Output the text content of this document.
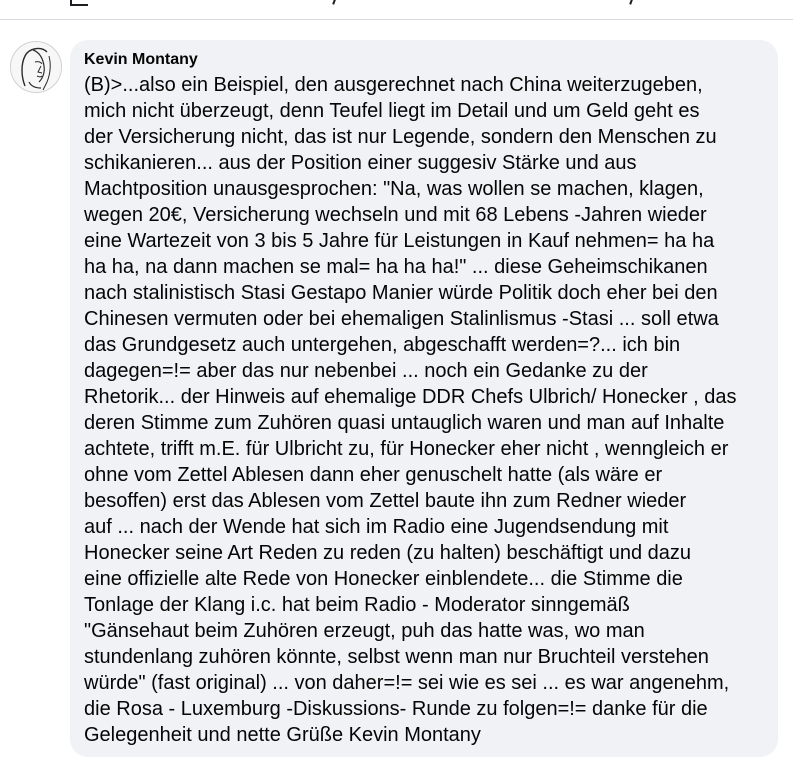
Kevin Montany

(B)>...also ein Beispiel, den ausgerechnet nach China weiterzugeben,
mich nicht überzeugt, denn Teufel liegt im Detail und um Geld geht es
der Versicherung nicht, das ist nur Legende, sondern den Menschen zu
schikanieren... aus der Position einer suggesiv Stärke und aus
Machtposition unausgesprochen: "Na, was wollen se machen, klagen,
wegen 20€, Versicherung wechseln und mit 68 Lebens -Jahren wieder
eine Wartezeit von 3 bis 5 Jahre für Leistungen in Kauf nehmen= ha ha
ha ha, na dann machen se mal= ha ha ha!" ... diese Geheimschikanen
nach stalinistisch Stasi Gestapo Manier würde Politik doch eher bei den
Chinesen vermuten oder bei ehemaligen Stalinlismus -Stasi ... soll etwa
das Grundgesetz auch untergehen, abgeschafft werden=?... ich bin
dagegen=!= aber das nur nebenbei ... noch ein Gedanke zu der
Rhetorik... der Hinweis auf ehemalige DDR Chefs Ulbrich/ Honecker , das
deren Stimme zum Zuhören quasi untauglich waren und man auf Inhalte
achtete, trifft m.E. für Ulbricht zu, für Honecker eher nicht , wenngleich er
ohne vom Zettel Ablesen dann eher genuschelt hatte (als wäre er
besoffen) erst das Ablesen vom Zettel baute ihn zum Redner wieder
auf ... nach der Wende hat sich im Radio eine Jugendsendung mit
Honecker seine Art Reden zu reden (zu halten) beschäftigt und dazu
eine offizielle alte Rede von Honecker einblendete... die Stimme die
Tonlage der Klang i.c. hat beim Radio - Moderator sinngemäß
"Gänsehaut beim Zuhören erzeugt, puh das hatte was, wo man
stundenlang zuhören könnte, selbst wenn man nur Bruchteil verstehen
würde" (fast original) ... von daher=!= sei wie es sei ... es war angenehm,
die Rosa - Luxemburg -Diskussions- Runde zu folgen=!= danke für die
Gelegenheit und nette Grüße Kevin Montany
